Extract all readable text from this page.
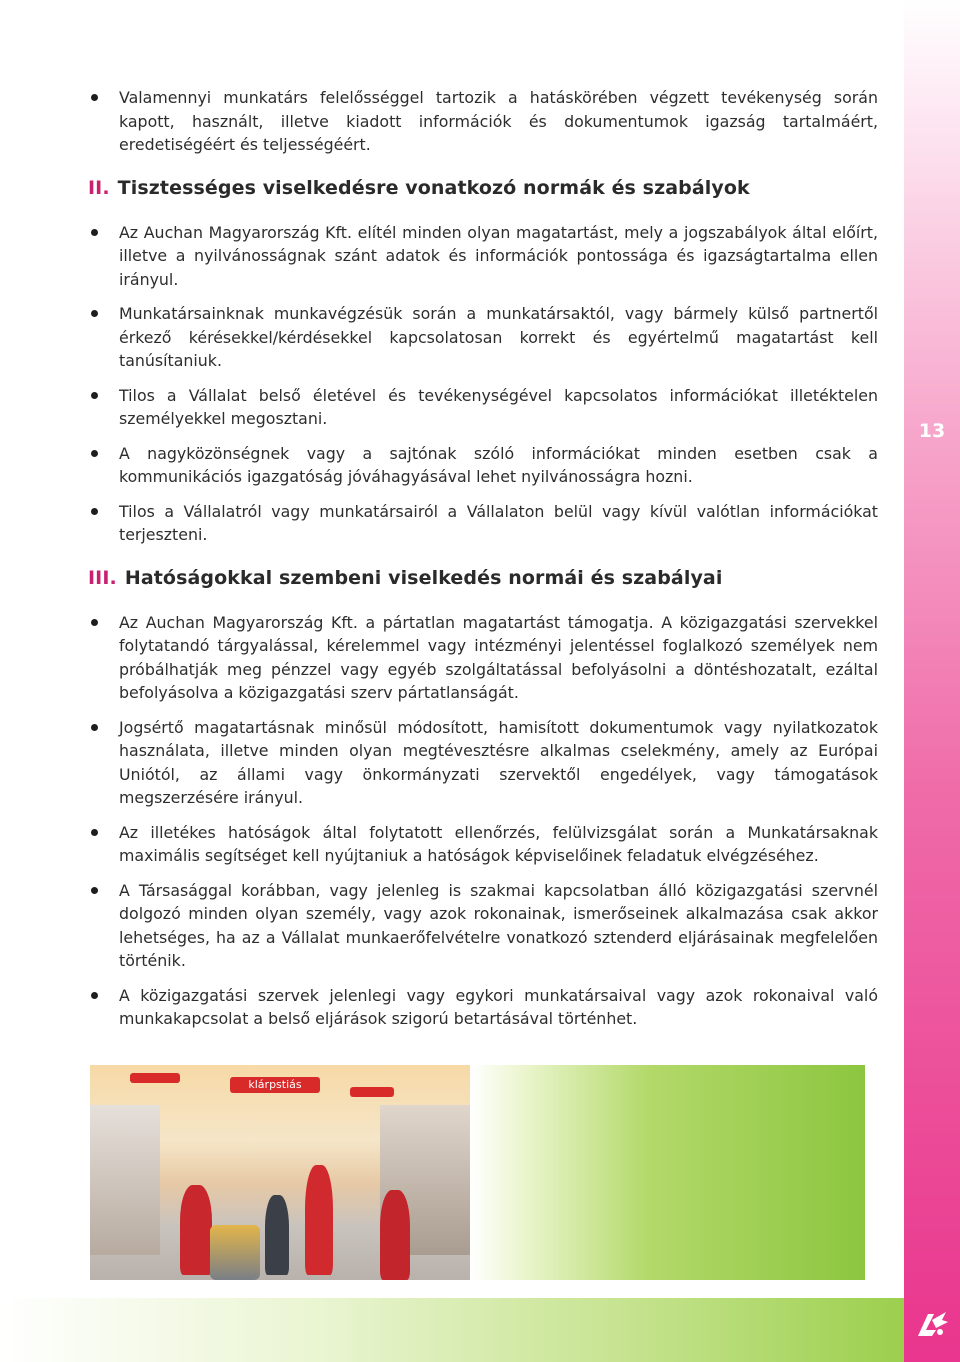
13
Valamennyi munkatárs felelősséggel tartozik a hatáskörében végzett tevékenység során kapott, használt, illetve kiadott információk és dokumentumok igazság tartalmáért, eredetiségéért és teljességéért.
II. Tisztességes viselkedésre vonatkozó normák és szabályok
Az Auchan Magyarország Kft. elítél minden olyan magatartást, mely a jogszabályok által előírt, illetve a nyilvánosságnak szánt adatok és információk pontossága és igazságtartalma ellen irányul.
Munkatársainknak munkavégzésük során a munkatársaktól, vagy bármely külső partnertől érkező kérésekkel/kérdésekkel kapcsolatosan korrekt és egyértelmű magatartást kell tanúsítaniuk.
Tilos a Vállalat belső életével és tevékenységével kapcsolatos információkat illetéktelen személyekkel megosztani.
A nagyközönségnek vagy a sajtónak szóló információkat minden esetben csak a kommunikációs igazgatóság jóváhagyásával lehet nyilvánosságra hozni.
Tilos a Vállalatról vagy munkatársairól a Vállalaton belül vagy kívül valótlan információkat terjeszteni.
III. Hatóságokkal szembeni viselkedés normái és szabályai
Az Auchan Magyarország Kft. a pártatlan magatartást támogatja. A közigazgatási szervekkel folytatandó tárgyalással, kérelemmel vagy intézményi jelentéssel foglalkozó személyek nem próbálhatják meg pénzzel vagy egyéb szolgáltatással befolyásolni a döntéshozatalt, ezáltal befolyásolva a közigazgatási szerv pártatlanságát.
Jogsértő magatartásnak minősül módosított, hamisított dokumentumok vagy nyilatkozatok használata, illetve minden olyan megtévesztésre alkalmas cselekmény, amely az Európai Uniótól, az állami vagy önkormányzati szervektől engedélyek, vagy támogatások megszerzésére irányul.
Az illetékes hatóságok által folytatott ellenőrzés, felülvizsgálat során a Munkatársaknak maximális segítséget kell nyújtaniuk a hatóságok képviselőinek feladatuk elvégzéséhez.
A Társasággal korábban, vagy jelenleg is szakmai kapcsolatban álló közigazgatási szervnél dolgozó minden olyan személy, vagy azok rokonainak, ismerőseinek alkalmazása csak akkor lehetséges, ha az a Vállalat munkaerőfelvételre vonatkozó sztenderd eljárásainak megfelelően történik.
A közigazgatási szervek jelenlegi vagy egykori munkatársaival vagy azok rokonaival való munkakapcsolat a belső eljárások szigorú betartásával történhet.
klárpstiás
